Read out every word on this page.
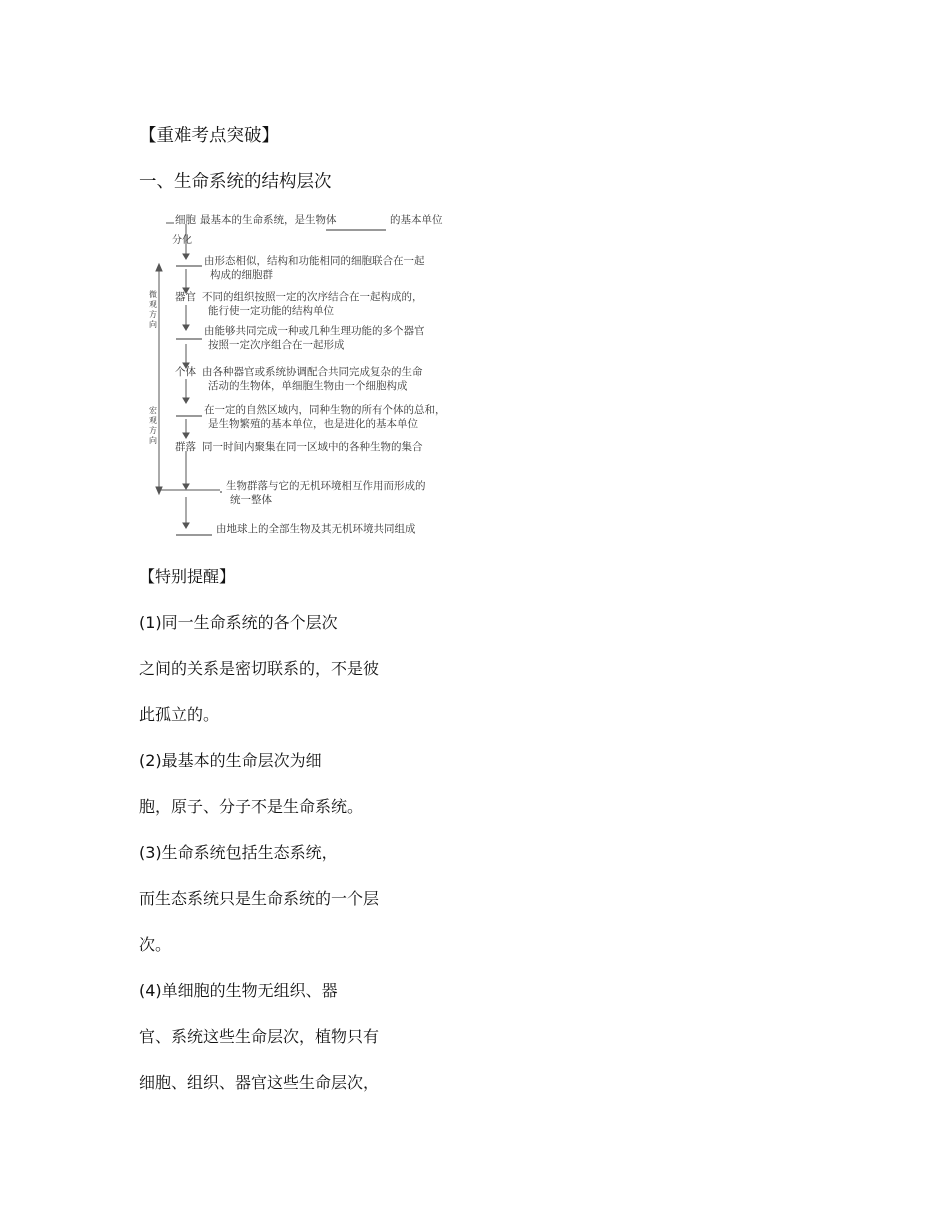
【重难考点突破】
一、生命系统的结构层次
微观方向
宏观方向
分化
细胞 最基本的生命系统，是生物体	的基本单位
由形态相似，结构和功能相同的细胞联合在一起
构成的细胞群
器官 不同的组织按照一定的次序结合在一起构成的，
能行使一定功能的结构单位
由能够共同完成一种或几种生理功能的多个器官
按照一定次序组合在一起形成
个体 由各种器官或系统协调配合共同完成复杂的生命
活动的生物体，单细胞生物由一个细胞构成
在一定的自然区域内，同种生物的所有个体的总和，
是生物繁殖的基本单位，也是进化的基本单位
群落 同一时间内聚集在同一区域中的各种生物的集合
生物群落与它的无机环境相互作用而形成的
统一整体
由地球上的全部生物及其无机环境共同组成
【特别提醒】
(1)同一生命系统的各个层次
之间的关系是密切联系的，不是彼
此孤立的。
(2)最基本的生命层次为细
胞，原子、分子不是生命系统。
(3)生命系统包括生态系统，
而生态系统只是生命系统的一个层
次。
(4)单细胞的生物无组织、器
官、系统这些生命层次，植物只有
细胞、组织、器官这些生命层次，
